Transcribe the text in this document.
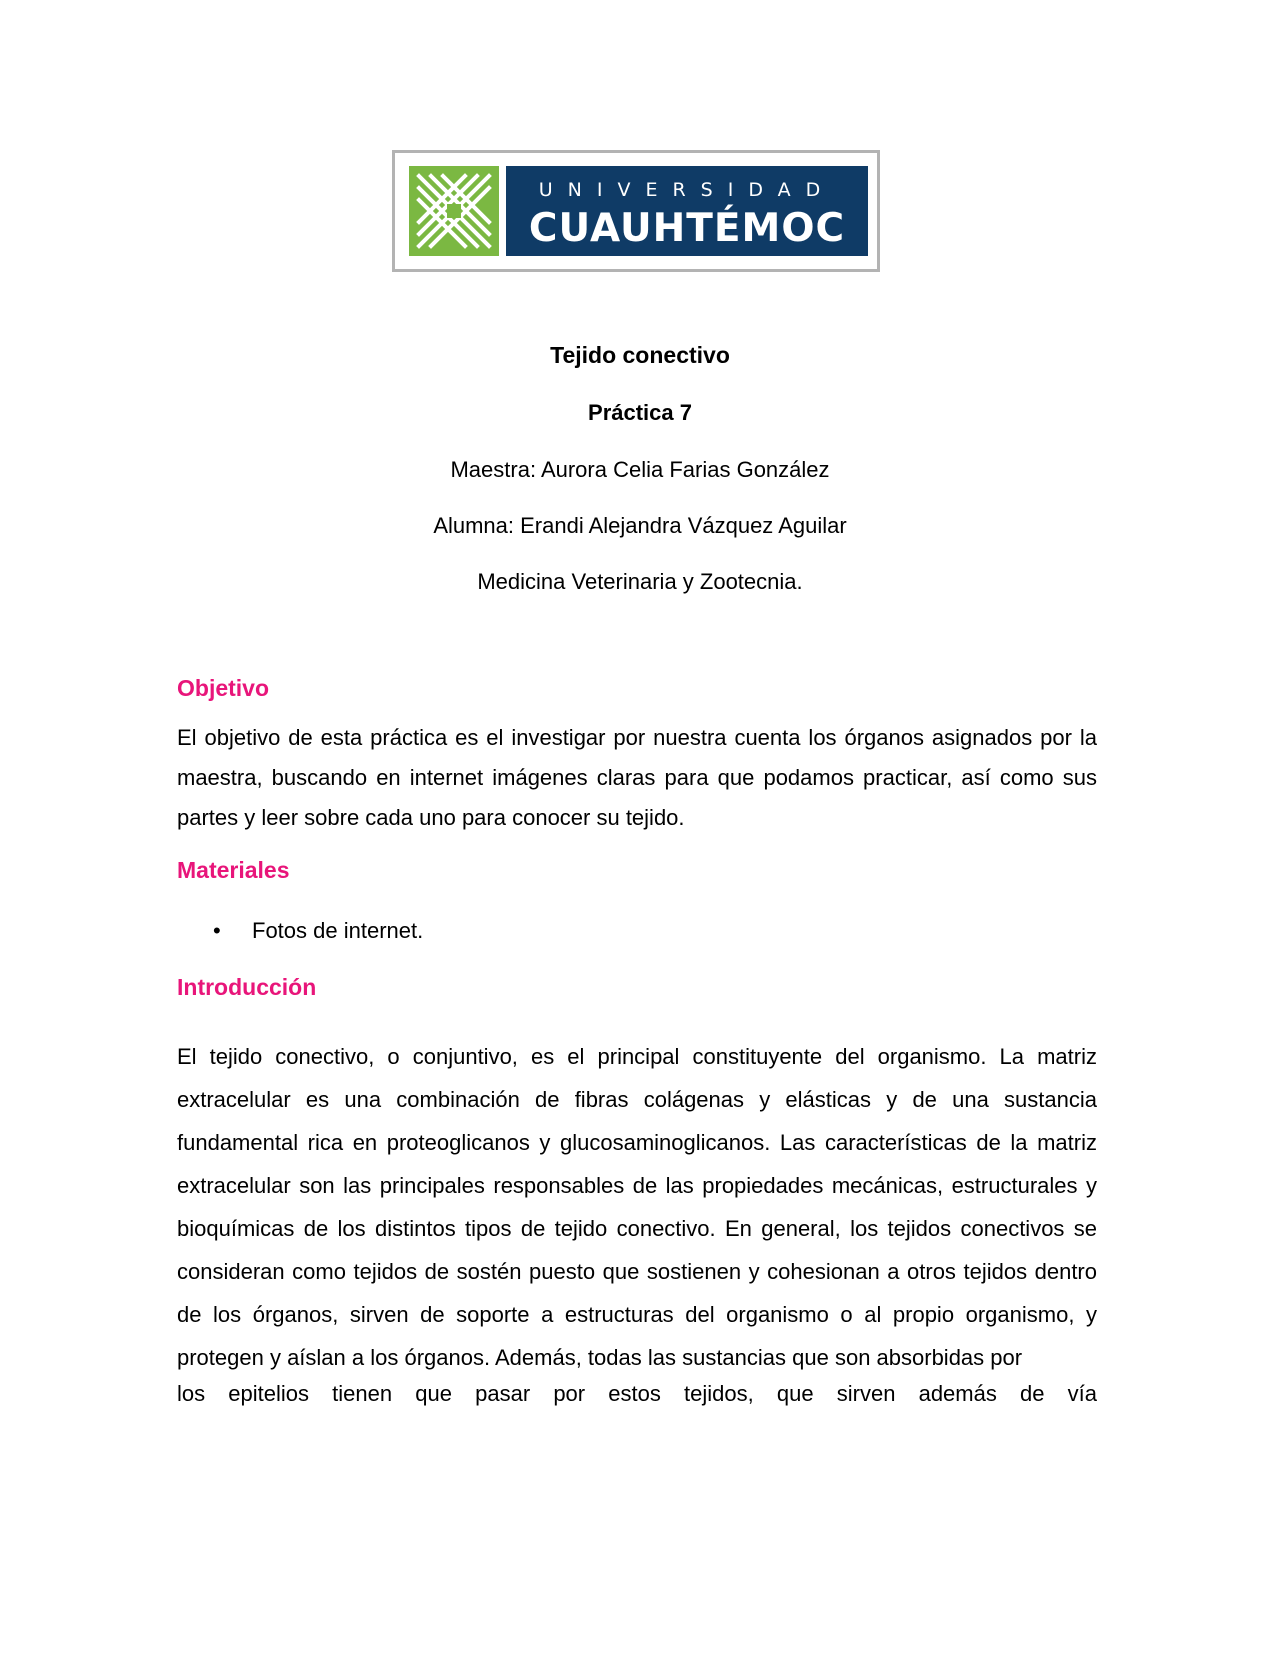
UNIVERSIDAD
CUAUHTÉMOC
Tejido conectivo
Práctica 7
Maestra: Aurora Celia Farias González
Alumna: Erandi Alejandra Vázquez Aguilar
Medicina Veterinaria y Zootecnia.
Objetivo
El objetivo de esta práctica es el investigar por nuestra cuenta los órganos asignados por la maestra, buscando en internet imágenes claras para que podamos practicar, así como sus partes y leer sobre cada uno para conocer su tejido.
Materiales
• Fotos de internet.
Introducción
El tejido conectivo, o conjuntivo, es el principal constituyente del organismo. La matriz extracelular es una combinación de fibras colágenas y elásticas y de una sustancia fundamental rica en proteoglicanos y glucosaminoglicanos. Las características de la matriz extracelular son las principales responsables de las propiedades mecánicas, estructurales y bioquímicas de los distintos tipos de tejido conectivo. En general, los tejidos conectivos se consideran como tejidos de sostén puesto que sostienen y cohesionan a otros tejidos dentro de los órganos, sirven de soporte a estructuras del organismo o al propio organismo, y protegen y aíslan a los órganos. Además, todas las sustancias que son absorbidas por
los epitelios tienen que pasar por estos tejidos, que sirven además de vía
